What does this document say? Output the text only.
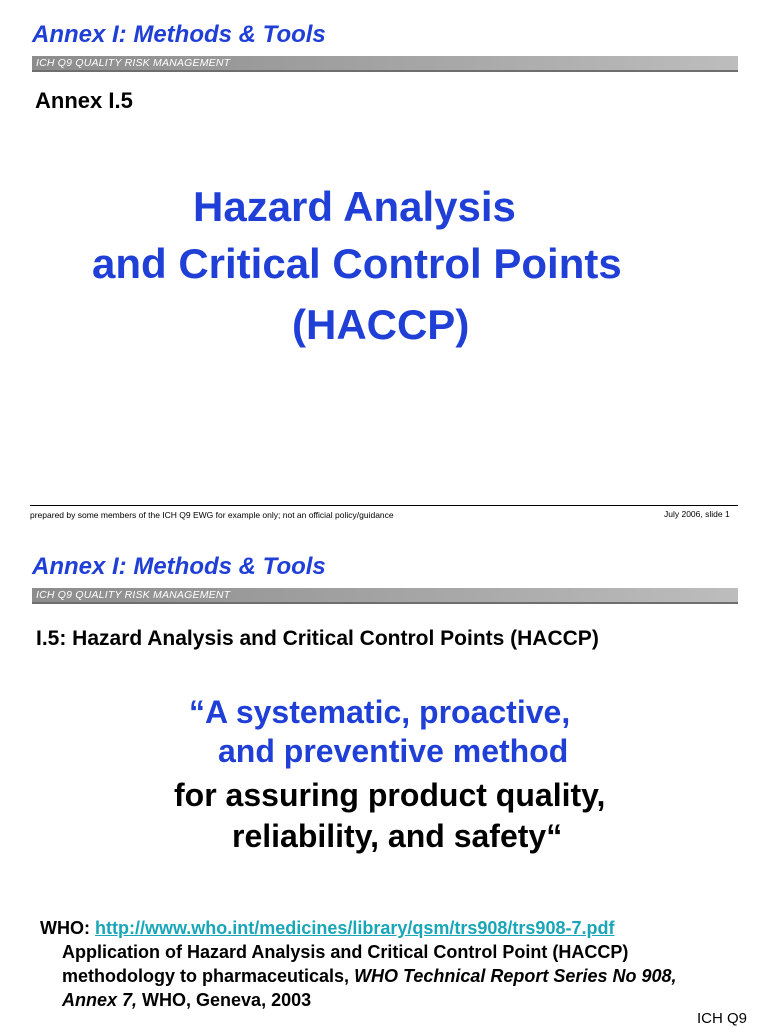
Annex I: Methods & Tools
ICH Q9 QUALITY RISK MANAGEMENT
Annex I.5
Hazard Analysis
and Critical Control Points
(HACCP)
prepared by some members of the ICH Q9 EWG for example only; not an official policy/guidance	July 2006, slide 1
Annex I: Methods & Tools
ICH Q9 QUALITY RISK MANAGEMENT
I.5: Hazard Analysis and Critical Control Points (HACCP)
“A systematic, proactive,
and preventive method
for assuring product quality,
reliability, and safety“
WHO: http://www.who.int/medicines/library/qsm/trs908/trs908-7.pdf
Application of Hazard Analysis and Critical Control Point (HACCP)
methodology to pharmaceuticals, WHO Technical Report Series No 908,
Annex 7, WHO, Geneva, 2003
ICH Q9
